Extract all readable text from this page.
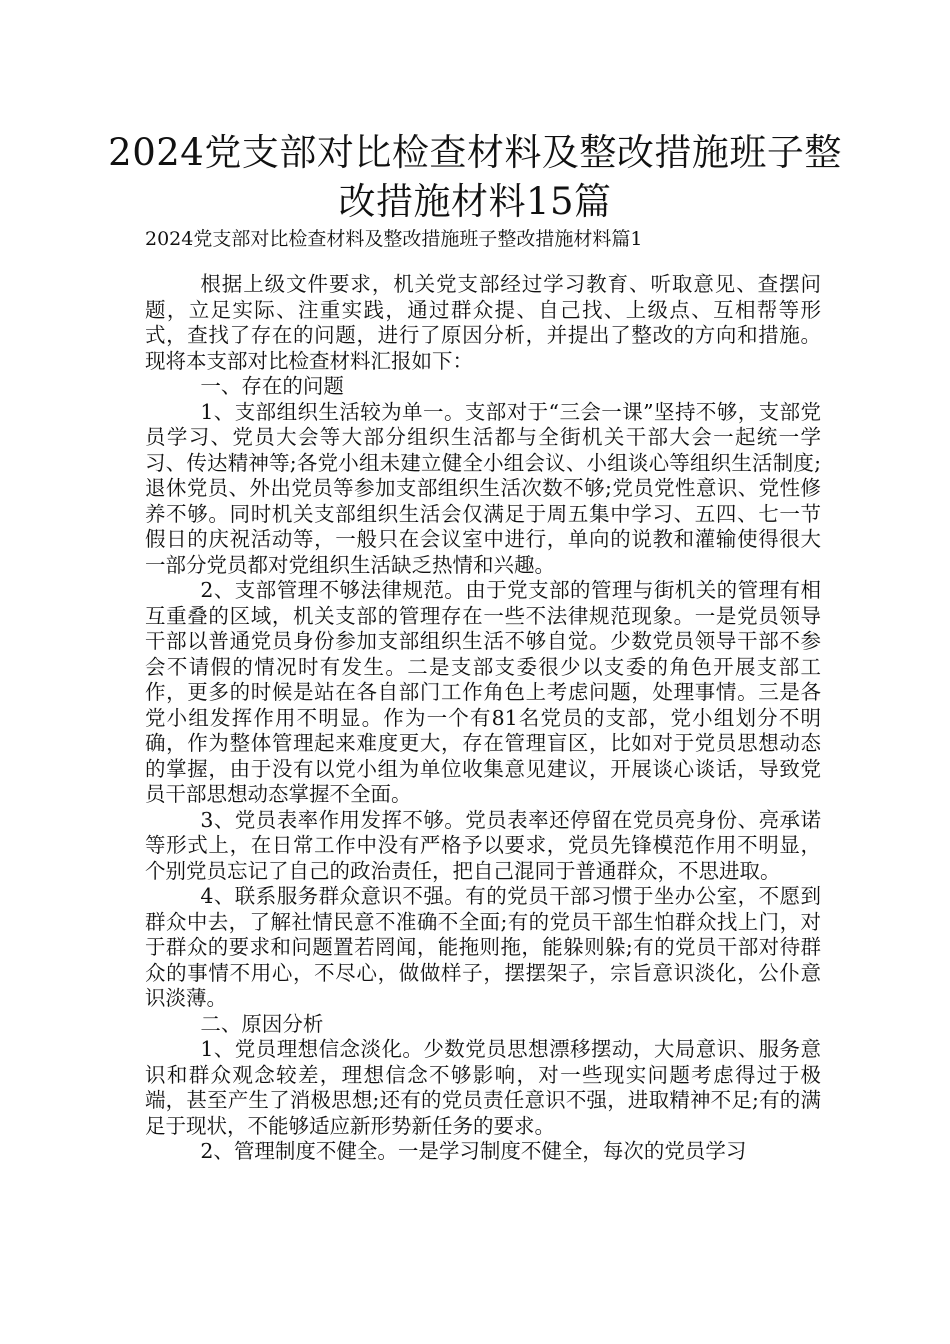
2024党支部对比检查材料及整改措施班子整改措施材料15篇

2024党支部对比检查材料及整改措施班子整改措施材料篇1

根据上级文件要求，机关党支部经过学习教育、听取意见、查摆问题，立足实际、注重实践，通过群众提、自己找、上级点、互相帮等形式，查找了存在的问题，进行了原因分析，并提出了整改的方向和措施。现将本支部对比检查材料汇报如下：

一、存在的问题

1、支部组织生活较为单一。支部对于“三会一课”坚持不够，支部党员学习、党员大会等大部分组织生活都与全街机关干部大会一起统一学习、传达精神等;各党小组未建立健全小组会议、小组谈心等组织生活制度;退休党员、外出党员等参加支部组织生活次数不够;党员党性意识、党性修养不够。同时机关支部组织生活会仅满足于周五集中学习、五四、七一节假日的庆祝活动等，一般只在会议室中进行，单向的说教和灌输使得很大一部分党员都对党组织生活缺乏热情和兴趣。

2、支部管理不够法律规范。由于党支部的管理与街机关的管理有相互重叠的区域，机关支部的管理存在一些不法律规范现象。一是党员领导干部以普通党员身份参加支部组织生活不够自觉。少数党员领导干部不参会不请假的情况时有发生。二是支部支委很少以支委的角色开展支部工作，更多的时候是站在各自部门工作角色上考虑问题，处理事情。三是各党小组发挥作用不明显。作为一个有81名党员的支部，党小组划分不明确，作为整体管理起来难度更大，存在管理盲区，比如对于党员思想动态的掌握，由于没有以党小组为单位收集意见建议，开展谈心谈话，导致党员干部思想动态掌握不全面。

3、党员表率作用发挥不够。党员表率还停留在党员亮身份、亮承诺等形式上，在日常工作中没有严格予以要求，党员先锋模范作用不明显，个别党员忘记了自己的政治责任，把自己混同于普通群众，不思进取。

4、联系服务群众意识不强。有的党员干部习惯于坐办公室，不愿到群众中去，了解社情民意不准确不全面;有的党员干部生怕群众找上门，对于群众的要求和问题置若罔闻，能拖则拖，能躲则躲;有的党员干部对待群众的事情不用心，不尽心，做做样子，摆摆架子，宗旨意识淡化，公仆意识淡薄。

二、原因分析

1、党员理想信念淡化。少数党员思想漂移摆动，大局意识、服务意识和群众观念较差，理想信念不够影响，对一些现实问题考虑得过于极端，甚至产生了消极思想;还有的党员责任意识不强，进取精神不足;有的满足于现状，不能够适应新形势新任务的要求。

2、管理制度不健全。一是学习制度不健全，每次的党员学习
